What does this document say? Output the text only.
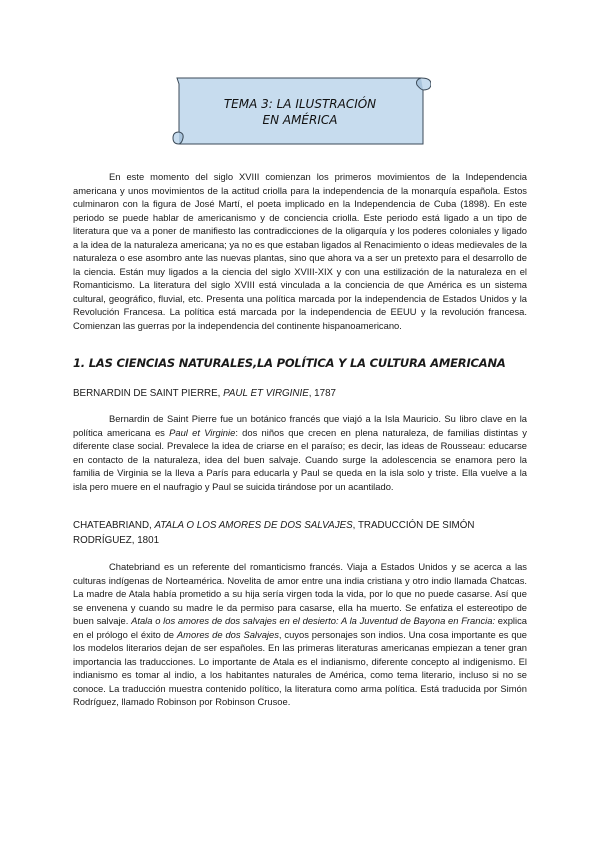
TEMA 3: LA ILUSTRACIÓN
EN AMÉRICA

En este momento del siglo XVIII comienzan los primeros movimientos de la Independencia americana y unos movimientos de la actitud criolla para la independencia de la monarquía española. Estos culminaron con la figura de José Martí, el poeta implicado en la Independencia de Cuba (1898). En este periodo se puede hablar de americanismo y de conciencia criolla. Este periodo está ligado a un tipo de literatura que va a poner de manifiesto las contradicciones de la oligarquía y los poderes coloniales y ligado a la idea de la naturaleza americana; ya no es que estaban ligados al Renacimiento o ideas medievales de la naturaleza o ese asombro ante las nuevas plantas, sino que ahora va a ser un pretexto para el desarrollo de la ciencia. Están muy ligados a la ciencia del siglo XVIII-XIX y con una estilización de la naturaleza en el Romanticismo. La literatura del siglo XVIII está vinculada a la conciencia de que América es un sistema cultural, geográfico, fluvial, etc. Presenta una política marcada por la independencia de Estados Unidos y la Revolución Francesa. La política está marcada por la independencia de EEUU y la revolución francesa. Comienzan las guerras por la independencia del continente hispanoamericano.

1. LAS CIENCIAS NATURALES,LA POLÍTICA Y LA CULTURA AMERICANA

BERNARDIN DE SAINT PIERRE, PAUL ET VIRGINIE, 1787

Bernardin de Saint Pierre fue un botánico francés que viajó a la Isla Mauricio. Su libro clave en la política americana es Paul et Virginie: dos niños que crecen en plena naturaleza, de familias distintas y diferente clase social. Prevalece la idea de criarse en el paraíso; es decir, las ideas de Rousseau: educarse en contacto de la naturaleza, idea del buen salvaje. Cuando surge la adolescencia se enamora pero la familia de Virginia se la lleva a París para educarla y Paul se queda en la isla solo y triste. Ella vuelve a la isla pero muere en el naufragio y Paul se suicida tirándose por un acantilado.

CHATEABRIAND, ATALA O LOS AMORES DE DOS SALVAJES, TRADUCCIÓN DE SIMÓN RODRÍGUEZ, 1801

Chatebriand es un referente del romanticismo francés. Viaja a Estados Unidos y se acerca a las culturas indígenas de Norteamérica. Novelita de amor entre una india cristiana y otro indio llamada Chatcas. La madre de Atala había prometido a su hija sería virgen toda la vida, por lo que no puede casarse. Así que se envenena y cuando su madre le da permiso para casarse, ella ha muerto. Se enfatiza el estereotipo de buen salvaje. Atala o los amores de dos salvajes en el desierto: A la Juventud de Bayona en Francia: explica en el prólogo el éxito de Amores de dos Salvajes, cuyos personajes son indios. Una cosa importante es que los modelos literarios dejan de ser españoles. En las primeras literaturas americanas empiezan a tener gran importancia las traducciones. Lo importante de Atala es el indianismo, diferente concepto al indigenismo. El indianismo es tomar al indio, a los habitantes naturales de América, como tema literario, incluso si no se conoce. La traducción muestra contenido político, la literatura como arma política. Está traducida por Simón Rodríguez, llamado Robinson por Robinson Crusoe.
